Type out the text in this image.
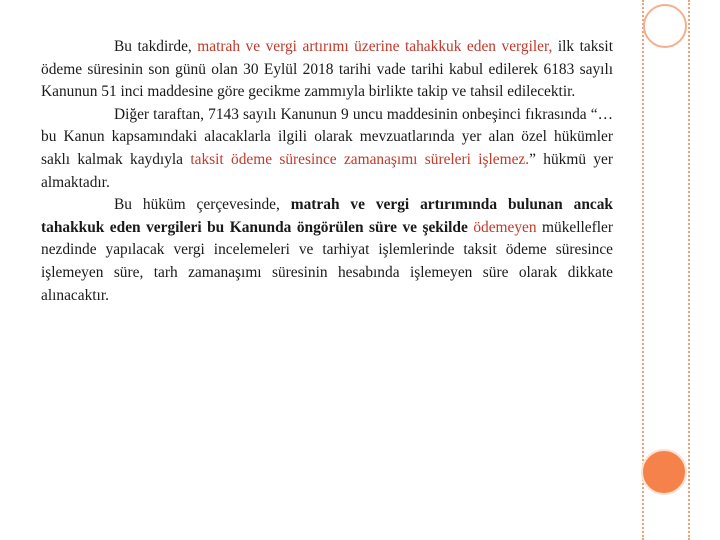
Bu takdirde, matrah ve vergi artırımı üzerine tahakkuk eden vergiler, ilk taksit ödeme süresinin son günü olan 30 Eylül 2018 tarihi vade tarihi kabul edilerek 6183 sayılı Kanunun 51 inci maddesine göre gecikme zammıyla birlikte takip ve tahsil edilecektir.

Diğer taraftan, 7143 sayılı Kanunun 9 uncu maddesinin onbeşinci fıkrasında “… bu Kanun kapsamındaki alacaklarla ilgili olarak mevzuatlarında yer alan özel hükümler saklı kalmak kaydıyla taksit ödeme süresince zamanaşımı süreleri işlemez.” hükmü yer almaktadır.

Bu hüküm çerçevesinde, matrah ve vergi artırımında bulunan ancak tahakkuk eden vergileri bu Kanunda öngörülen süre ve şekilde ödemeyen mükellefler nezdinde yapılacak vergi incelemeleri ve tarhiyat işlemlerinde taksit ödeme süresince işlemeyen süre, tarh zamanaşımı süresinin hesabında işlemeyen süre olarak dikkate alınacaktır.
